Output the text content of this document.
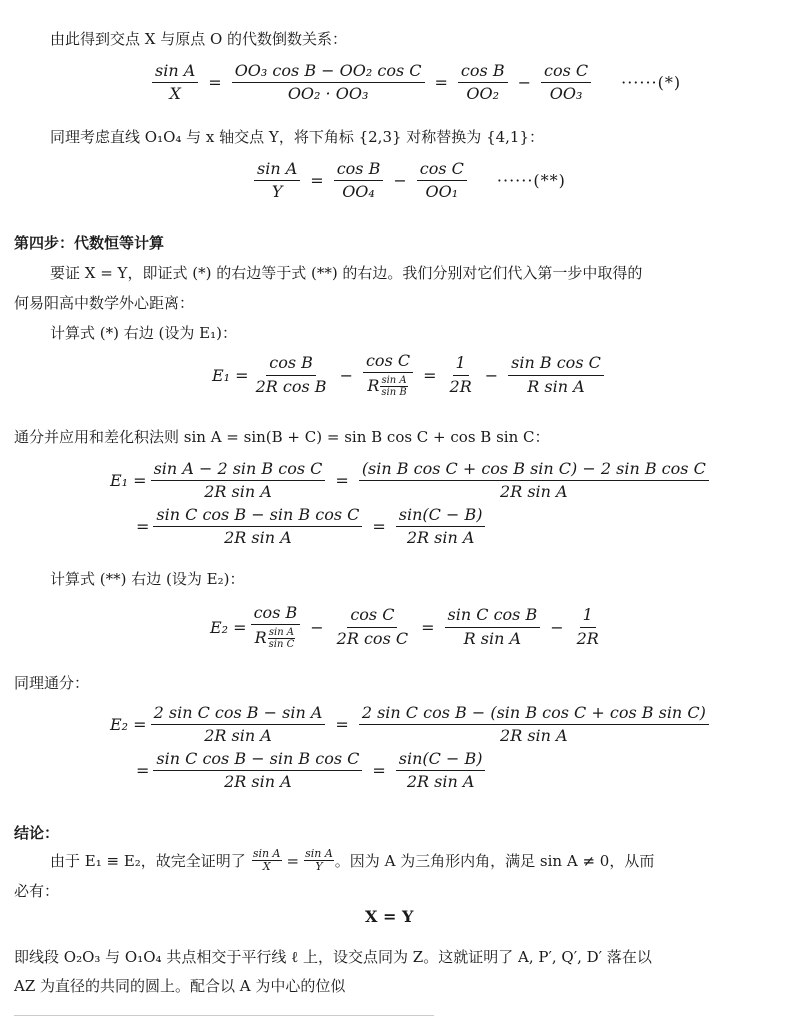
由此得到交点 X 与原点 O 的代数倒数关系：
$\frac{\text{sin A}}{X} = \frac{\text{OO₃ cos B − OO₂ cos C}}{\text{OO₂ · OO₃}} = \frac{\text{cos B}}{\text{OO₂}} - \frac{\text{cos C}}{\text{OO₃}}$ ······(*)
同理考虑直线 O₁O₄ 与 x 轴交点 Y，将下角标 {2,3} 对称替换为 {4,1}：
$\frac{\text{sin A}}{Y} = \frac{\text{cos B}}{\text{OO₄}} - \frac{\text{cos C}}{\text{OO₁}}$ ······(**)
第四步：代数恒等计算
要证 X = Y，即证式 (*) 的右边等于式 (**) 的右边。我们分别对它们代入第一步中取得的
何易阳高中数学外心距离：
计算式 (*) 右边 (设为 E₁)：
$E_1 = \frac{\text{cos B}}{\text{2R cos B}} - \frac{\text{cos C}}{R \frac{\text{sin A}}{\text{sin B}}} = \frac{1}{2R} - \frac{\text{sin B cos C}}{\text{R sin A}}$
通分并应用和差化积法则 sin A = sin(B + C) = sin B cos C + cos B sin C：
$E_1 = \frac{\text{sin A − 2 sin B cos C}}{\text{2R sin A}} = \frac{\text{(sin B cos C + cos B sin C) − 2 sin B cos C}}{\text{2R sin A}}$
= $\frac{\text{sin C cos B − sin B cos C}}{\text{2R sin A}} = \frac{\sin(C - B)}{\text{2R sin A}}$
计算式 (**) 右边 (设为 E₂)：
$E_2 = \frac{\text{cos B}}{R \frac{\text{sin A}}{\text{sin C}}} - \frac{\text{cos C}}{\text{2R cos C}} = \frac{\text{sin C cos B}}{\text{R sin A}} - \frac{1}{2R}$
同理通分：
$E_2 = \frac{\text{2 sin C cos B − sin A}}{\text{2R sin A}} = \frac{\text{2 sin C cos B − (sin B cos C + cos B sin C)}}{\text{2R sin A}}$
= $\frac{\text{sin C cos B − sin B cos C}}{\text{2R sin A}} = \frac{\sin(C - B)}{\text{2R sin A}}$
结论：
由于 E₁ ≡ E₂，故完全证明了 $\frac{\text{sin A}}{X} = \frac{\text{sin A}}{Y}$ 。因为 A 为三角形内角，满足 sin A ≠ 0，从而
必有：
X = Y
即线段 O₂O₃ 与 O₁O₄ 共点相交于平行线 ℓ 上，设交点同为 Z。这就证明了 A, P′, Q′, D′ 落在以
AZ 为直径的共同的圆上。配合以 A 为中心的位似
